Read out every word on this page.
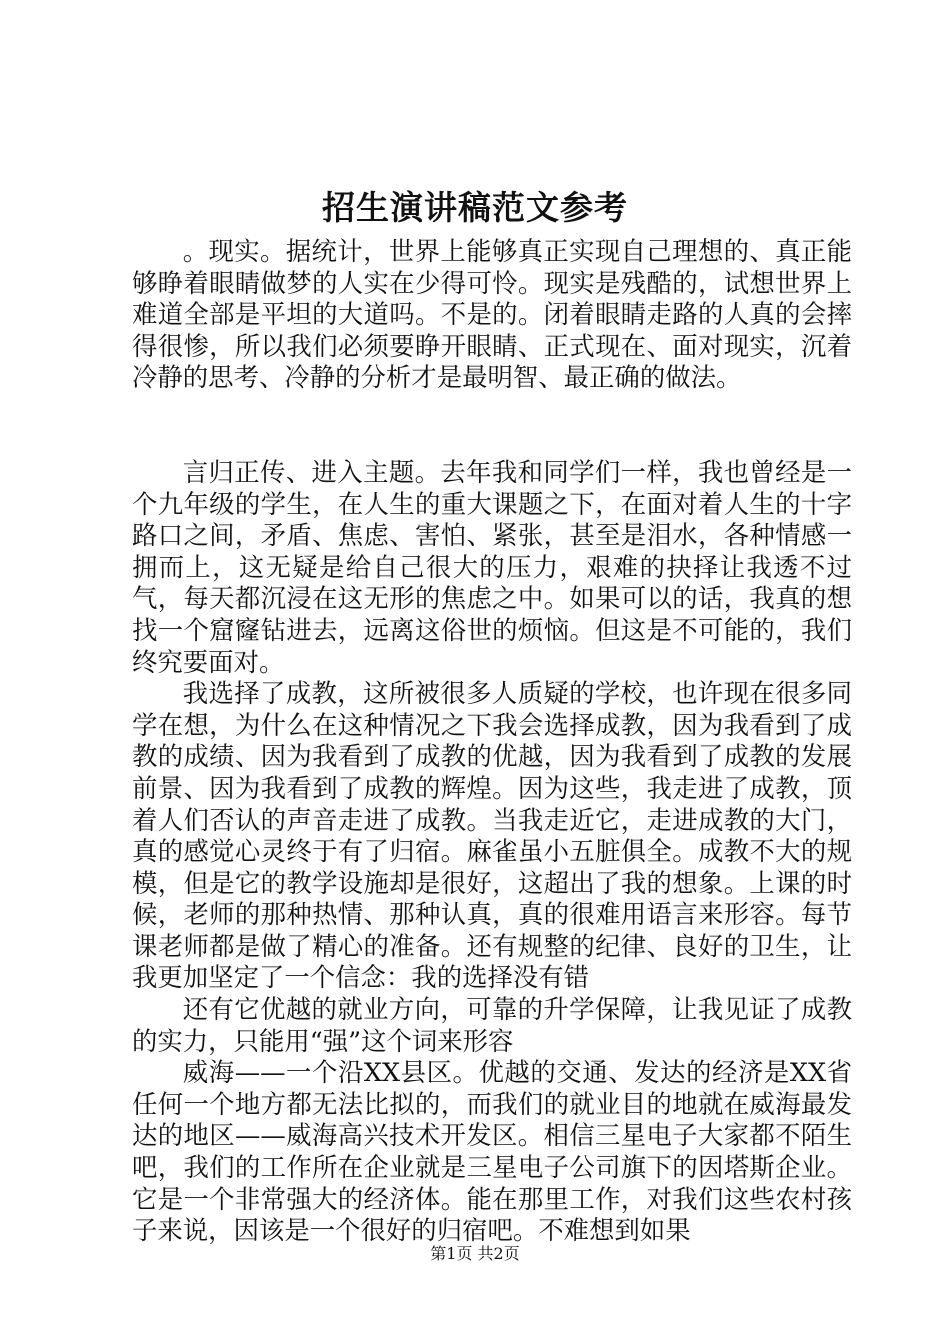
招生演讲稿范文参考

。现实。据统计，世界上能够真正实现自己理想的、真正能够睁着眼睛做梦的人实在少得可怜。现实是残酷的，试想世界上难道全部是平坦的大道吗。不是的。闭着眼睛走路的人真的会摔得很惨，所以我们必须要睁开眼睛、正式现在、面对现实，沉着冷静的思考、冷静的分析才是最明智、最正确的做法。

言归正传、进入主题。去年我和同学们一样，我也曾经是一个九年级的学生，在人生的重大课题之下，在面对着人生的十字路口之间，矛盾、焦虑、害怕、紧张，甚至是泪水，各种情感一拥而上，这无疑是给自己很大的压力，艰难的抉择让我透不过气，每天都沉浸在这无形的焦虑之中。如果可以的话，我真的想找一个窟窿钻进去，远离这俗世的烦恼。但这是不可能的，我们终究要面对。

我选择了成教，这所被很多人质疑的学校，也许现在很多同学在想，为什么在这种情况之下我会选择成教，因为我看到了成教的成绩、因为我看到了成教的优越，因为我看到了成教的发展前景、因为我看到了成教的辉煌。因为这些，我走进了成教，顶着人们否认的声音走进了成教。当我走近它，走进成教的大门，真的感觉心灵终于有了归宿。麻雀虽小五脏俱全。成教不大的规模，但是它的教学设施却是很好，这超出了我的想象。上课的时候，老师的那种热情、那种认真，真的很难用语言来形容。每节课老师都是做了精心的准备。还有规整的纪律、良好的卫生，让我更加坚定了一个信念：我的选择没有错

还有它优越的就业方向，可靠的升学保障，让我见证了成教的实力，只能用“强”这个词来形容

威海——一个沿XX县区。优越的交通、发达的经济是XX省任何一个地方都无法比拟的，而我们的就业目的地就在威海最发达的地区——威海高兴技术开发区。相信三星电子大家都不陌生吧，我们的工作所在企业就是三星电子公司旗下的因塔斯企业。它是一个非常强大的经济体。能在那里工作，对我们这些农村孩子来说，因该是一个很好的归宿吧。不难想到如果

第1页 共2页
